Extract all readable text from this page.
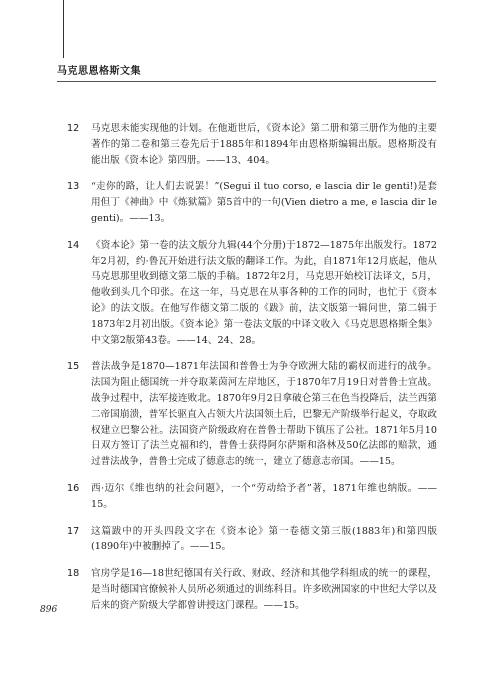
马克思恩格斯文集
12 马克思未能实现他的计划。在他逝世后，《资本论》第二册和第三册作为他的主要著作的第二卷和第三卷先后于1885年和1894年由恩格斯编辑出版。恩格斯没有能出版《资本论》第四册。——13、404。
13 “走你的路，让人们去说罢！”(Segui il tuo corso, e lascia dir le genti!)是套用但丁《神曲》中《炼狱篇》第5首中的一句(Vien dietro a me, e lascia dir le genti)。——13。
14 《资本论》第一卷的法文版分九辑(44个分册)于1872—1875年出版发行。1872年2月初，约·鲁瓦开始进行法文版的翻译工作。为此，自1871年12月底起，他从马克思那里收到德文第二版的手稿。1872年2月，马克思开始校订法译文，5月，他收到头几个印张。在这一年，马克思在从事各种的工作的同时，也忙于《资本论》的法文版。在他写作德文第二版的《跋》前，法文版第一辑问世，第二辑于1873年2月初出版。《资本论》第一卷法文版的中译文收入《马克思恩格斯全集》中文第2版第43卷。——14、24、28。
15 普法战争是1870—1871年法国和普鲁士为争夺欧洲大陆的霸权而进行的战争。法国为阻止德国统一并夺取莱茵河左岸地区，于1870年7月19日对普鲁士宣战。战争过程中，法军接连败北。1870年9月2日拿破仑第三在色当投降后，法兰西第二帝国崩溃，普军长驱直入占领大片法国领土后，巴黎无产阶级举行起义，夺取政权建立巴黎公社。法国资产阶级政府在普鲁士帮助下镇压了公社。1871年5月10日双方签订了法兰克福和约，普鲁士获得阿尔萨斯和洛林及50亿法郎的赔款，通过普法战争，普鲁士完成了德意志的统一，建立了德意志帝国。——15。
16 西·迈尔《维也纳的社会问题》，一个“劳动给予者”著，1871年维也纳版。——15。
17 这篇跋中的开头四段文字在《资本论》第一卷德文第三版(1883年)和第四版(1890年)中被删掉了。——15。
18 官房学是16—18世纪德国有关行政、财政、经济和其他学科组成的统一的课程，是当时德国官僚候补人员所必须通过的训练科目。许多欧洲国家的中世纪大学以及后来的资产阶级大学都曾讲授这门课程。——15。
896
